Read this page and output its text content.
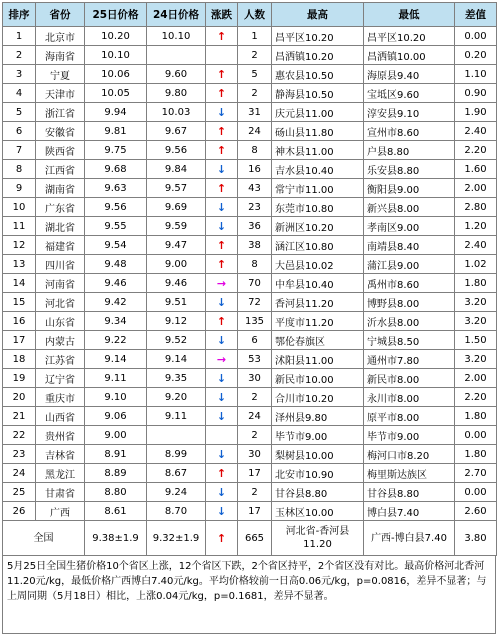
排序	省份	25日价格	24日价格	涨跌	人数	最高	最低	差值
1	北京市	10.20	10.10	↑	1	昌平区10.20	昌平区10.20	0.00
2	海南省	10.10			2	昌洒镇10.20	昌洒镇10.00	0.20
3	宁夏	10.06	9.60	↑	5	惠农县10.50	海原县9.40	1.10
4	天津市	10.05	9.80	↑	2	静海县10.50	宝坻区9.60	0.90
5	浙江省	9.94	10.03	↓	31	庆元县11.00	淳安县9.10	1.90
6	安徽省	9.81	9.67	↑	24	砀山县11.80	宣州市8.60	2.40
7	陕西省	9.75	9.56	↑	8	神木县11.00	户县8.80	2.20
8	江西省	9.68	9.84	↓	16	吉水县10.40	乐安县8.80	1.60
9	湖南省	9.63	9.57	↑	43	常宁市11.00	衡阳县9.00	2.00
10	广东省	9.56	9.69	↓	23	东莞市10.80	新兴县8.00	2.80
11	湖北省	9.55	9.59	↓	36	新洲区10.20	孝南区9.00	1.20
12	福建省	9.54	9.47	↑	38	涵江区10.80	南靖县8.40	2.40
13	四川省	9.48	9.00	↑	8	大邑县10.02	蒲江县9.00	1.02
14	河南省	9.46	9.46	→	70	中牟县10.40	禹州市8.60	1.80
15	河北省	9.42	9.51	↓	72	香河县11.20	博野县8.00	3.20
16	山东省	9.34	9.12	↑	135	平度市11.20	沂水县8.00	3.20
17	内蒙古	9.22	9.52	↓	6	鄂伦春旗区	宁城县8.50	1.50
18	江苏省	9.14	9.14	→	53	沭阳县11.00	通州市7.80	3.20
19	辽宁省	9.11	9.35	↓	30	新民市10.00	新民市8.00	2.00
20	重庆市	9.10	9.20	↓	2	合川市10.20	永川市8.00	2.20
21	山西省	9.06	9.11	↓	24	泽州县9.80	原平市8.00	1.80
22	贵州省	9.00			2	毕节市9.00	毕节市9.00	0.00
23	吉林省	8.91	8.99	↓	30	梨树县10.00	梅河口市8.20	1.80
24	黑龙江	8.89	8.67	↑	17	北安市10.90	梅里斯达族区	2.70
25	甘肃省	8.80	9.24	↓	2	甘谷县8.80	甘谷县8.80	0.00
26	广西	8.61	8.70	↓	17	玉林区10.00	博白县7.40	2.60
全国		9.38±1.9	9.32±1.9	↑	665	河北省-香河县11.20	广西-博白县7.40	3.80
5月25日全国生猪价格10个省区上涨，12个省区下跌，2个省区持平，2个省区没有对比。最高价格河北香河11.20元/kg，最低价格广西博白7.40元/kg。平均价格较前一日高0.06元/kg，p=0.0816，差异不显著；与上周同期（5月18日）相比，上涨0.04元/kg，p=0.1681，差异不显著。
